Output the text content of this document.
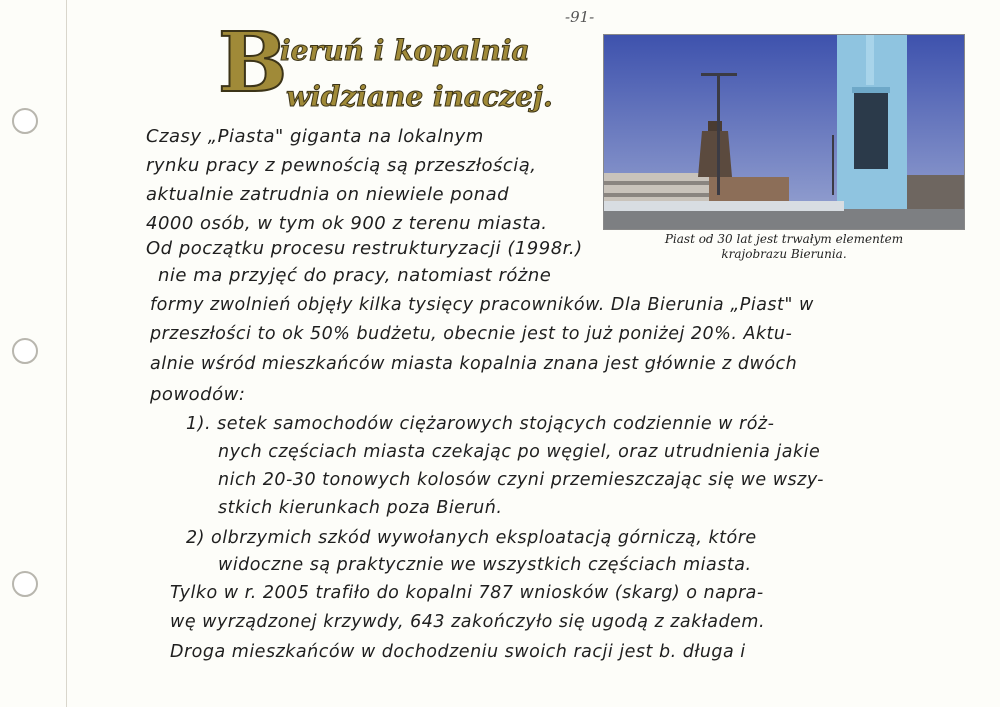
-91-
B
ieruń i kopalnia
widziane inaczej.
Piast od 30 lat jest trwałym elementem
krajobrazu Bierunia.
Czasy „Piasta" giganta na lokalnym
rynku pracy z pewnością są przeszłością,
aktualnie zatrudnia on niewiele ponad
4000 osób, w tym ok 900 z terenu miasta.
Od początku procesu restrukturyzacji (1998r.)
nie ma przyjęć do pracy, natomiast różne
formy zwolnień objęły kilka tysięcy pracowników. Dla Bierunia „Piast" w
przeszłości to ok 50% budżetu, obecnie jest to już poniżej 20%. Aktu-
alnie wśród mieszkańców miasta kopalnia znana jest głównie z dwóch
powodów:
1). setek samochodów ciężarowych stojących codziennie w róż-
nych częściach miasta czekając po węgiel, oraz utrudnienia jakie
nich 20-30 tonowych kolosów czyni przemieszczając się we wszy-
stkich kierunkach poza Bieruń.
2) olbrzymich szkód wywołanych eksploatacją górniczą, które
widoczne są praktycznie we wszystkich częściach miasta.
Tylko w r. 2005 trafiło do kopalni 787 wniosków (skarg) o napra-
wę wyrządzonej krzywdy, 643 zakończyło się ugodą z zakładem.
Droga mieszkańców w dochodzeniu swoich racji jest b. długa i
